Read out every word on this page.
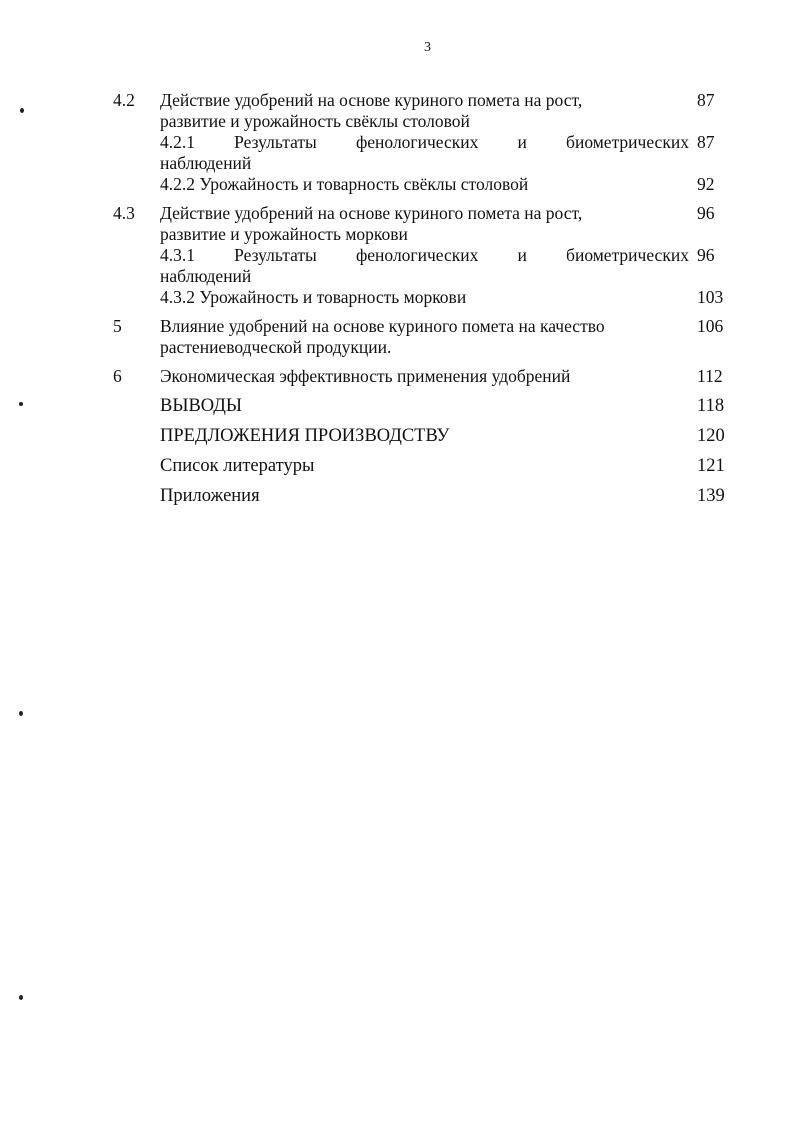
3
4.2	Действие удобрений на основе куриного помета на рост,	87
развитие и урожайность свёклы столовой
4.2.1 Результаты фенологических и биометрических 87
наблюдений
4.2.2 Урожайность и товарность свёклы столовой	92
4.3	Действие удобрений на основе куриного помета на рост,	96
развитие и урожайность моркови
4.3.1 Результаты фенологических и биометрических 96
наблюдений
4.3.2 Урожайность и товарность моркови	103
5	Влияние удобрений на основе куриного помета на качество	106
растениеводческой продукции.
6	Экономическая эффективность применения удобрений	112
ВЫВОДЫ	118
ПРЕДЛОЖЕНИЯ ПРОИЗВОДСТВУ	120
Список литературы	121
Приложения	139
